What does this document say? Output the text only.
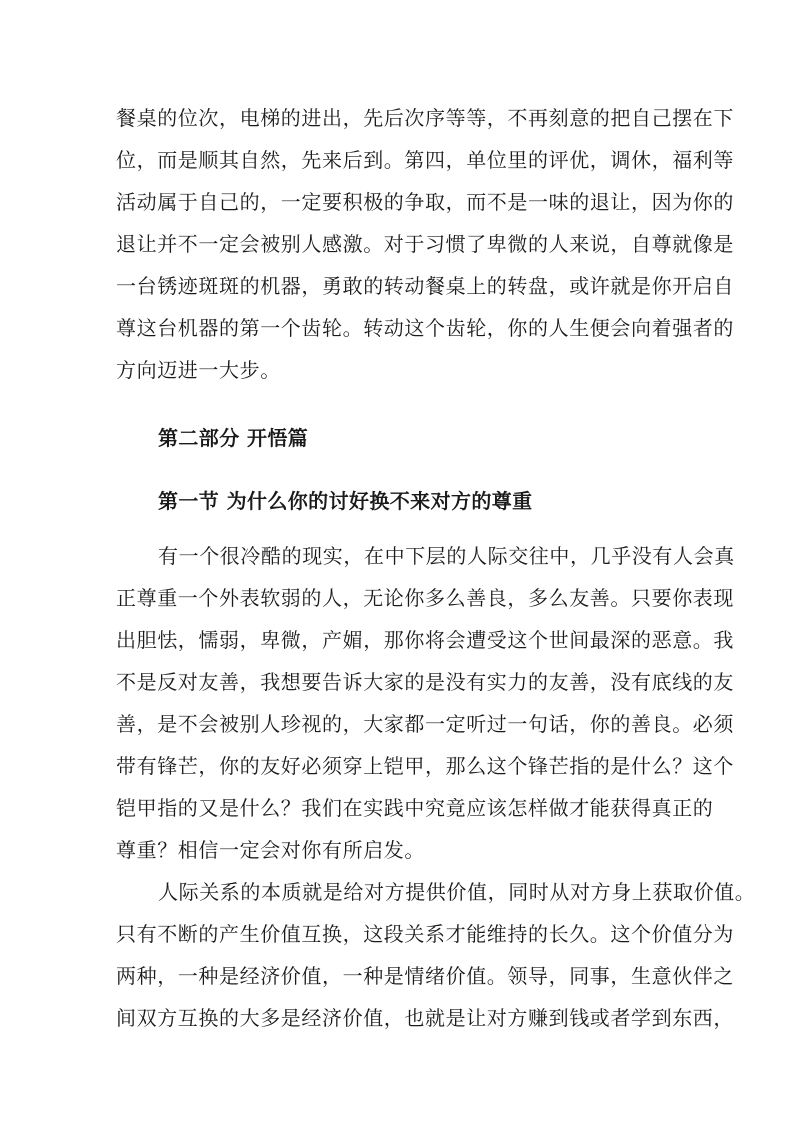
餐桌的位次，电梯的进出，先后次序等等，不再刻意的把自己摆在下
位，而是顺其自然，先来后到。第四，单位里的评优，调休，福利等
活动属于自己的，一定要积极的争取，而不是一味的退让，因为你的
退让并不一定会被别人感激。对于习惯了卑微的人来说，自尊就像是
一台锈迹斑斑的机器，勇敢的转动餐桌上的转盘，或许就是你开启自
尊这台机器的第一个齿轮。转动这个齿轮，你的人生便会向着强者的
方向迈进一大步。
第二部分 开悟篇
第一节 为什么你的讨好换不来对方的尊重
有一个很冷酷的现实，在中下层的人际交往中，几乎没有人会真
正尊重一个外表软弱的人，无论你多么善良，多么友善。只要你表现
出胆怯，懦弱，卑微，产媚，那你将会遭受这个世间最深的恶意。我
不是反对友善，我想要告诉大家的是没有实力的友善，没有底线的友
善，是不会被别人珍视的，大家都一定听过一句话，你的善良。必须
带有锋芒，你的友好必须穿上铠甲，那么这个锋芒指的是什么？这个
铠甲指的又是什么？我们在实践中究竟应该怎样做才能获得真正的
尊重？相信一定会对你有所启发。
人际关系的本质就是给对方提供价值，同时从对方身上获取价值。
只有不断的产生价值互换，这段关系才能维持的长久。这个价值分为
两种，一种是经济价值，一种是情绪价值。领导，同事，生意伙伴之
间双方互换的大多是经济价值，也就是让对方赚到钱或者学到东西，
